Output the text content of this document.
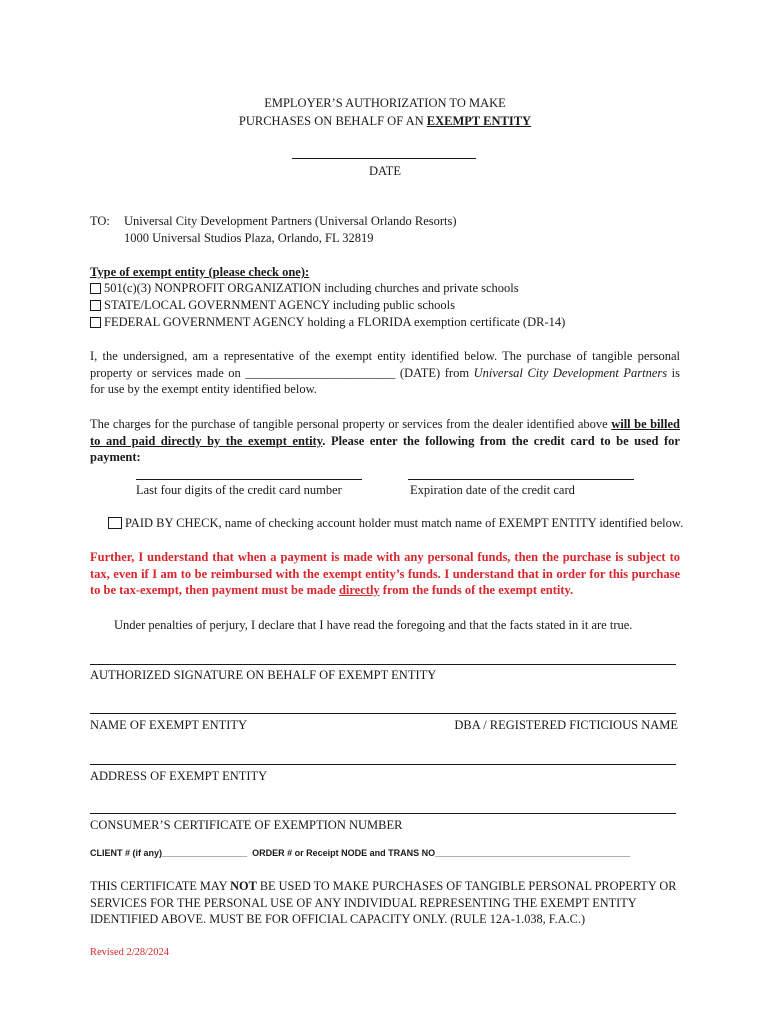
EMPLOYER’S AUTHORIZATION TO MAKE
PURCHASES ON BEHALF OF AN EXEMPT ENTITY
DATE
TO: Universal City Development Partners (Universal Orlando Resorts)
1000 Universal Studios Plaza, Orlando, FL 32819
Type of exempt entity (please check one):
501(c)(3) NONPROFIT ORGANIZATION including churches and private schools
STATE/LOCAL GOVERNMENT AGENCY including public schools
FEDERAL GOVERNMENT AGENCY holding a FLORIDA exemption certificate (DR-14)
I, the undersigned, am a representative of the exempt entity identified below. The purchase of tangible personal property or services made on ________________________ (DATE) from Universal City Development Partners is for use by the exempt entity identified below.
The charges for the purchase of tangible personal property or services from the dealer identified above will be billed to and paid directly by the exempt entity. Please enter the following from the credit card to be used for payment:
Last four digits of the credit card number	Expiration date of the credit card
PAID BY CHECK, name of checking account holder must match name of EXEMPT ENTITY identified below.
Further, I understand that when a payment is made with any personal funds, then the purchase is subject to tax, even if I am to be reimbursed with the exempt entity’s funds. I understand that in order for this purchase to be tax-exempt, then payment must be made directly from the funds of the exempt entity.
Under penalties of perjury, I declare that I have read the foregoing and that the facts stated in it are true.
AUTHORIZED SIGNATURE ON BEHALF OF EXEMPT ENTITY
NAME OF EXEMPT ENTITY	DBA / REGISTERED FICTICIOUS NAME
ADDRESS OF EXEMPT ENTITY
CONSUMER’S CERTIFICATE OF EXEMPTION NUMBER
CLIENT # (if any)_________________ ORDER # or Receipt NODE and TRANS NO_______________________________________
THIS CERTIFICATE MAY NOT BE USED TO MAKE PURCHASES OF TANGIBLE PERSONAL PROPERTY OR SERVICES FOR THE PERSONAL USE OF ANY INDIVIDUAL REPRESENTING THE EXEMPT ENTITY IDENTIFIED ABOVE. MUST BE FOR OFFICIAL CAPACITY ONLY. (RULE 12A-1.038, F.A.C.)
Revised 2/28/2024
